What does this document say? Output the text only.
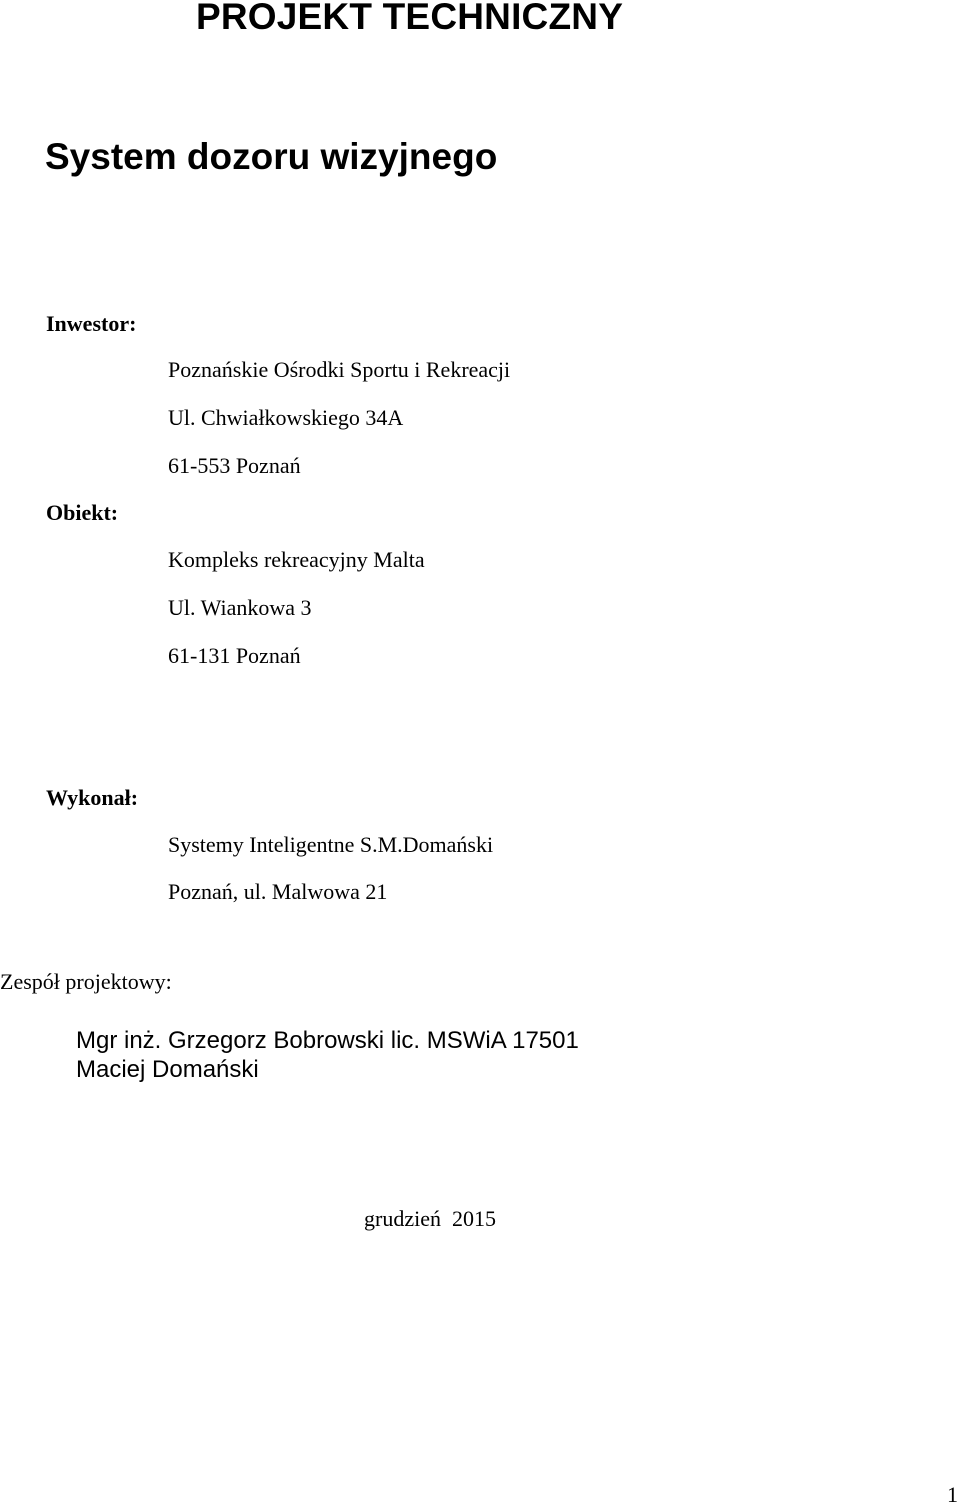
PROJEKT TECHNICZNY
System dozoru wizyjnego
Inwestor:
Poznańskie Ośrodki Sportu i Rekreacji
Ul. Chwiałkowskiego 34A
61-553 Poznań
Obiekt:
Kompleks rekreacyjny Malta
Ul. Wiankowa 3
61-131 Poznań
Wykonał:
Systemy Inteligentne S.M.Domański
Poznań, ul. Malwowa 21
Zespół projektowy:
Mgr inż. Grzegorz Bobrowski lic. MSWiA 17501
Maciej Domański
grudzień  2015
1
